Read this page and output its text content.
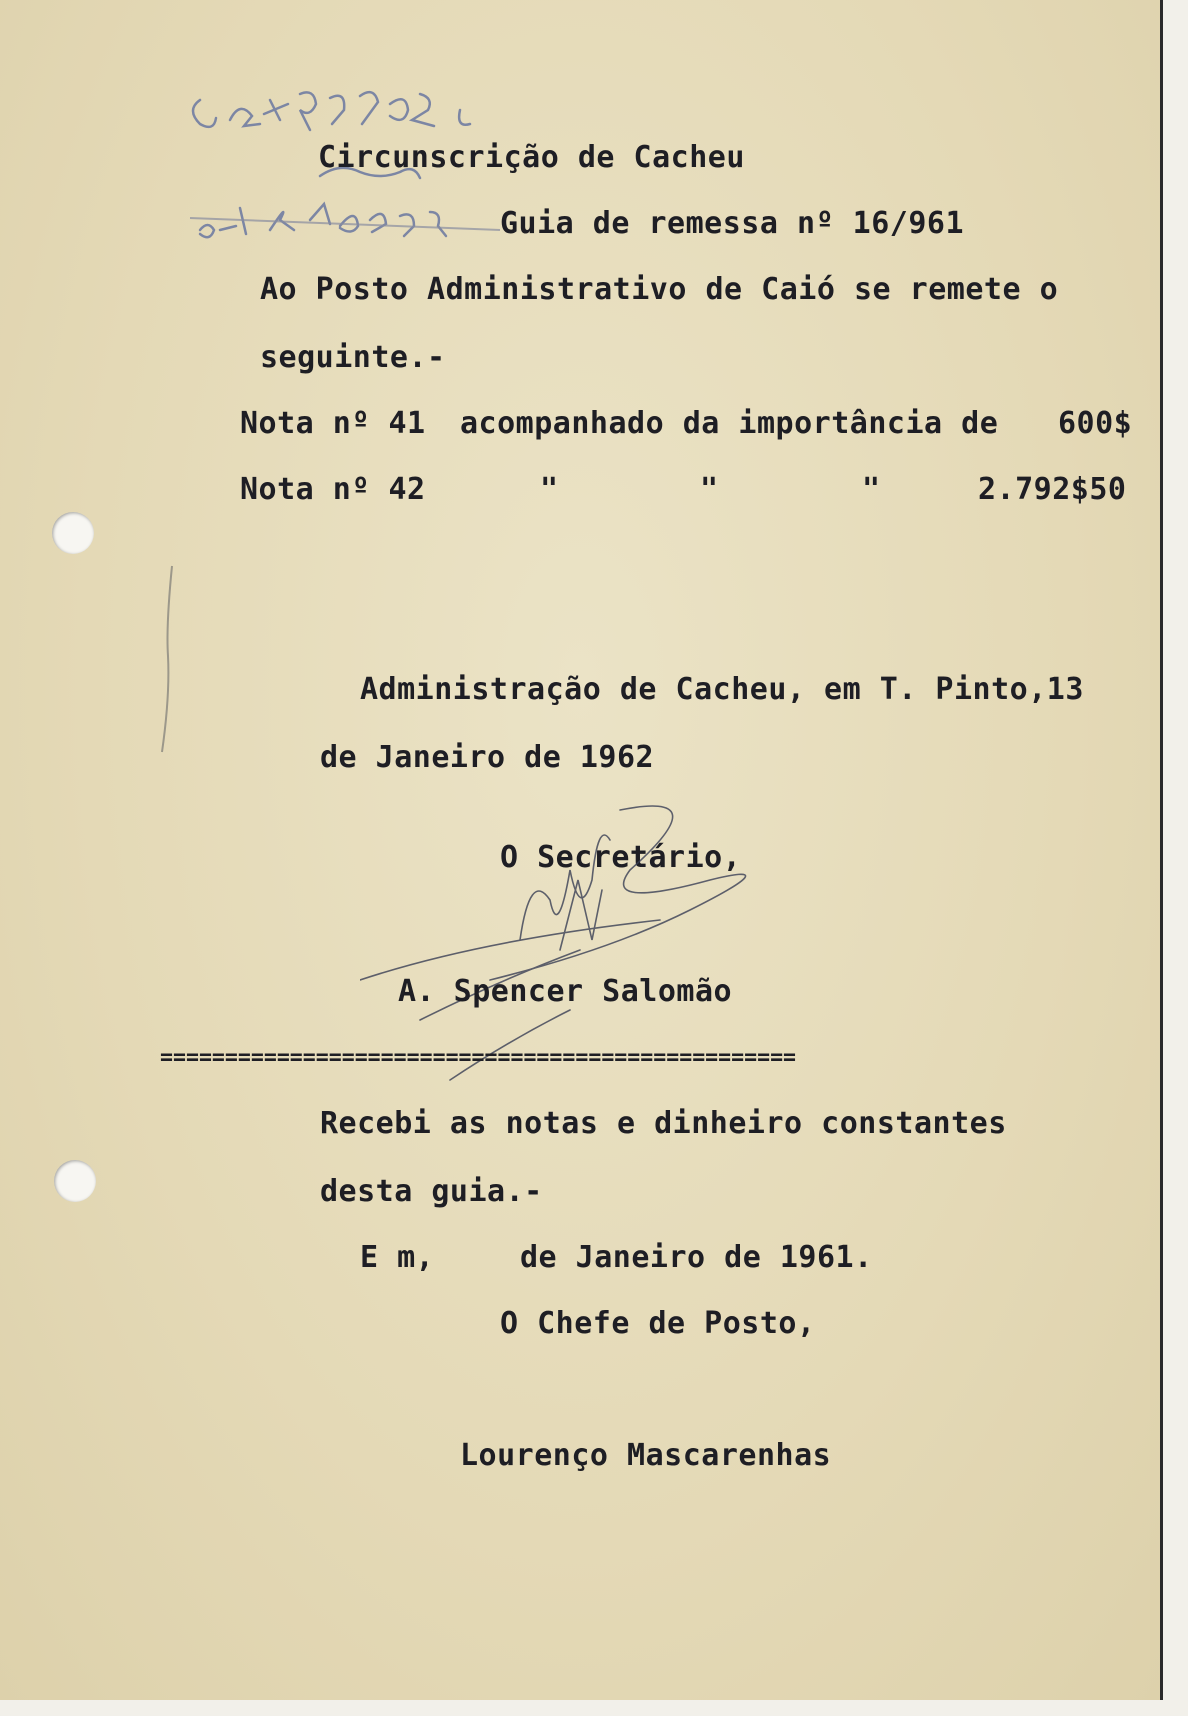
Circunscrição de Cacheu
Guia de remessa nº 16/961
Ao Posto Administrativo de Caió se remete o
seguinte.-
Nota nº 41 acompanhado da importância de 600$
Nota nº 42	"	"	"	2.792$50
Administração de Cacheu, em T. Pinto,13
de Janeiro de 1962
O Secretário,
A. Spencer Salomão
=================================================
Recebi as notas e dinheiro constantes
desta guia.-
E m,	de Janeiro de 1961.
O Chefe de Posto,
Lourenço Mascarenhas
